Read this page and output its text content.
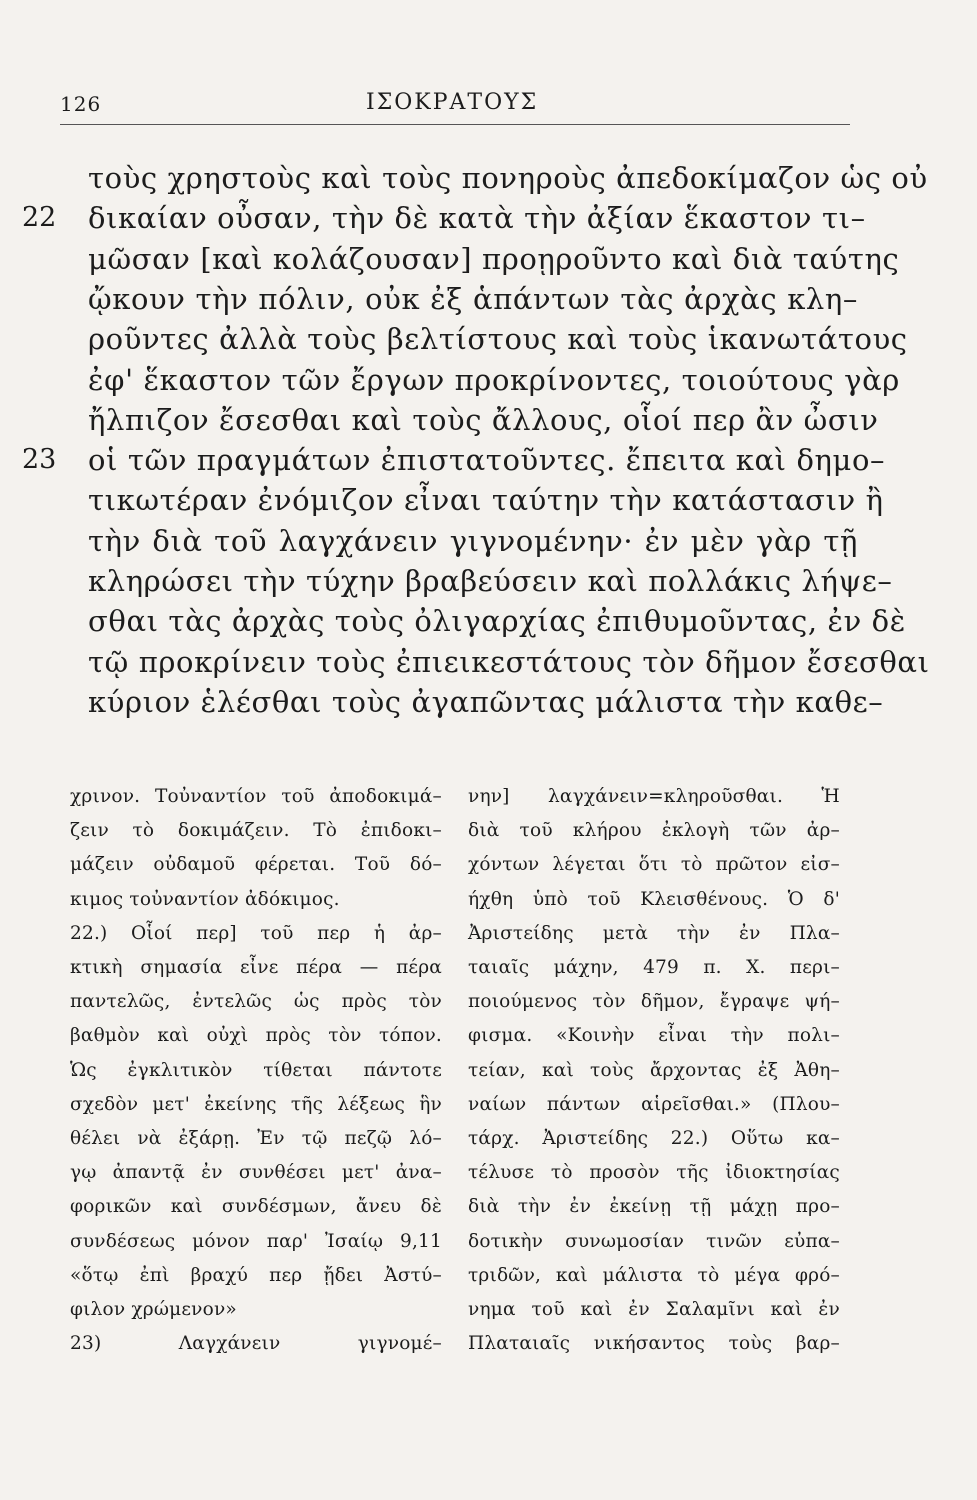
126	ΙΣΟΚΡΑΤΟΥΣ
τοὺς χρηστοὺς καὶ τοὺς πονηροὺς ἀπεδοκίμαζον ὡς οὐ
22	δικαίαν οὖσαν, τὴν δὲ κατὰ τὴν ἀξίαν ἕκαστον τι–
μῶσαν [καὶ κολάζουσαν] προῃροῦντο καὶ διὰ ταύτης
ᾤκουν τὴν πόλιν, οὐκ ἐξ ἁπάντων τὰς ἀρχὰς κλη–
ροῦντες ἀλλὰ τοὺς βελτίστους καὶ τοὺς ἱκανωτάτους
ἐφ' ἕκαστον τῶν ἔργων προκρίνοντες, τοιούτους γὰρ
ἤλπιζον ἔσεσθαι καὶ τοὺς ἄλλους, οἷοί περ ἂν ὦσιν
23	οἱ τῶν πραγμάτων ἐπιστατοῦντες. ἔπειτα καὶ δημο–
τικωτέραν ἐνόμιζον εἶναι ταύτην τὴν κατάστασιν ἢ
τὴν διὰ τοῦ λαγχάνειν γιγνομένην· ἐν μὲν γὰρ τῇ
κληρώσει τὴν τύχην βραβεύσειν καὶ πολλάκις λήψε–
σθαι τὰς ἀρχὰς τοὺς ὀλιγαρχίας ἐπιθυμοῦντας, ἐν δὲ
τῷ προκρίνειν τοὺς ἐπιεικεστάτους τὸν δῆμον ἔσεσθαι
κύριον ἑλέσθαι τοὺς ἀγαπῶντας μάλιστα τὴν καθε–
χρινον. Τοὐναντίον τοῦ ἀποδοκιμά–
ζειν τὸ δοκιμάζειν. Τὸ ἐπιδοκι–
μάζειν οὐδαμοῦ φέρεται. Τοῦ δό–
κιμος τοὐναντίον ἀδόκιμος.
22.) Οἷοί περ] τοῦ περ ἡ ἀρ–
κτικὴ σημασία εἶνε πέρα — πέρα
παντελῶς, ἐντελῶς ὡς πρὸς τὸν
βαθμὸν καὶ οὐχὶ πρὸς τὸν τόπον.
Ὡς ἐγκλιτικὸν τίθεται πάντοτε
σχεδὸν μετ' ἐκείνης τῆς λέξεως ἣν
θέλει νὰ ἐξάρῃ. Ἐν τῷ πεζῷ λό–
γῳ ἀπαντᾷ ἐν συνθέσει μετ' ἀνα–
φορικῶν καὶ συνδέσμων, ἄνευ δὲ
συνδέσεως μόνον παρ' Ἰσαίῳ 9,11
«ὅτῳ ἐπὶ βραχύ περ ᾔδει Ἀστύ–
φιλον χρώμενον»
23) Λαγχάνειν γιγνομέ–
νην] λαγχάνειν=κληροῦσθαι. Ἡ
διὰ τοῦ κλήρου ἐκλογὴ τῶν ἀρ–
χόντων λέγεται ὅτι τὸ πρῶτον εἰσ–
ήχθη ὑπὸ τοῦ Κλεισθένους. Ὁ δ'
Ἀριστείδης μετὰ τὴν ἐν Πλα–
ταιαῖς μάχην, 479 π. Χ. περι–
ποιούμενος τὸν δῆμον, ἔγραψε ψή–
φισμα. «Κοινὴν εἶναι τὴν πολι–
τείαν, καὶ τοὺς ἄρχοντας ἐξ Ἀθη–
ναίων πάντων αἱρεῖσθαι.» (Πλου–
τάρχ. Ἀριστείδης 22.) Οὕτω κα–
τέλυσε τὸ προσὸν τῆς ἰδιοκτησίας
διὰ τὴν ἐν ἐκείνῃ τῇ μάχῃ προ–
δοτικὴν συνωμοσίαν τινῶν εὐπα–
τριδῶν, καὶ μάλιστα τὸ μέγα φρό–
νημα τοῦ καὶ ἐν Σαλαμῖνι καὶ ἐν
Πλαταιαῖς νικήσαντος τοὺς βαρ–
